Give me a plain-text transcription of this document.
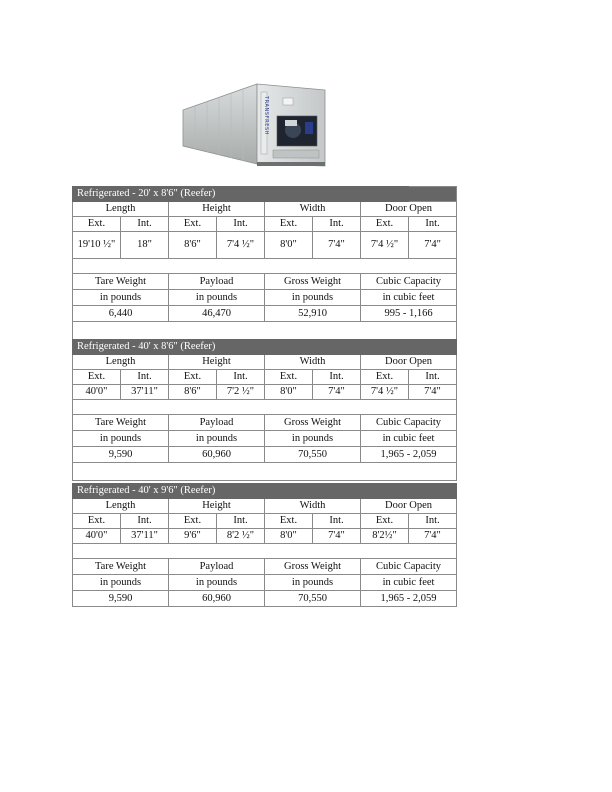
TRANSFRESH
Refrigerated - 20' x 8'6" (Reefer)							
Length		Height		Width		Door Open	
Ext.	Int.	Ext.	Int.	Ext.	Int.	Ext.	Int.
19'10 ½"	18"	8'6"	7'4 ½"	8'0"	7'4"	7'4 ½"	7'4"

Tare Weight		Payload		Gross Weight		Cubic Capacity	
in pounds		in pounds		in pounds		in cubic feet	
6,440		46,470		52,910		995 - 1,166	

Refrigerated - 40' x 8'6" (Reefer)							
Length		Height		Width		Door Open	
Ext.	Int.	Ext.	Int.	Ext.	Int.	Ext.	Int.
40'0"	37'11"	8'6"	7'2 ½"	8'0"	7'4"	7'4 ½"	7'4"

Tare Weight		Payload		Gross Weight		Cubic Capacity	
in pounds		in pounds		in pounds		in cubic feet	
9,590		60,960		70,550		1,965 - 2,059	

Refrigerated - 40' x 9'6" (Reefer)							
Length		Height		Width		Door Open	
Ext.	Int.	Ext.	Int.	Ext.	Int.	Ext.	Int.
40'0"	37'11"	9'6"	8'2 ½"	8'0"	7'4"	8'2½"	7'4"

Tare Weight		Payload		Gross Weight		Cubic Capacity	
in pounds		in pounds		in pounds		in cubic feet	
9,590		60,960		70,550		1,965 - 2,059	
